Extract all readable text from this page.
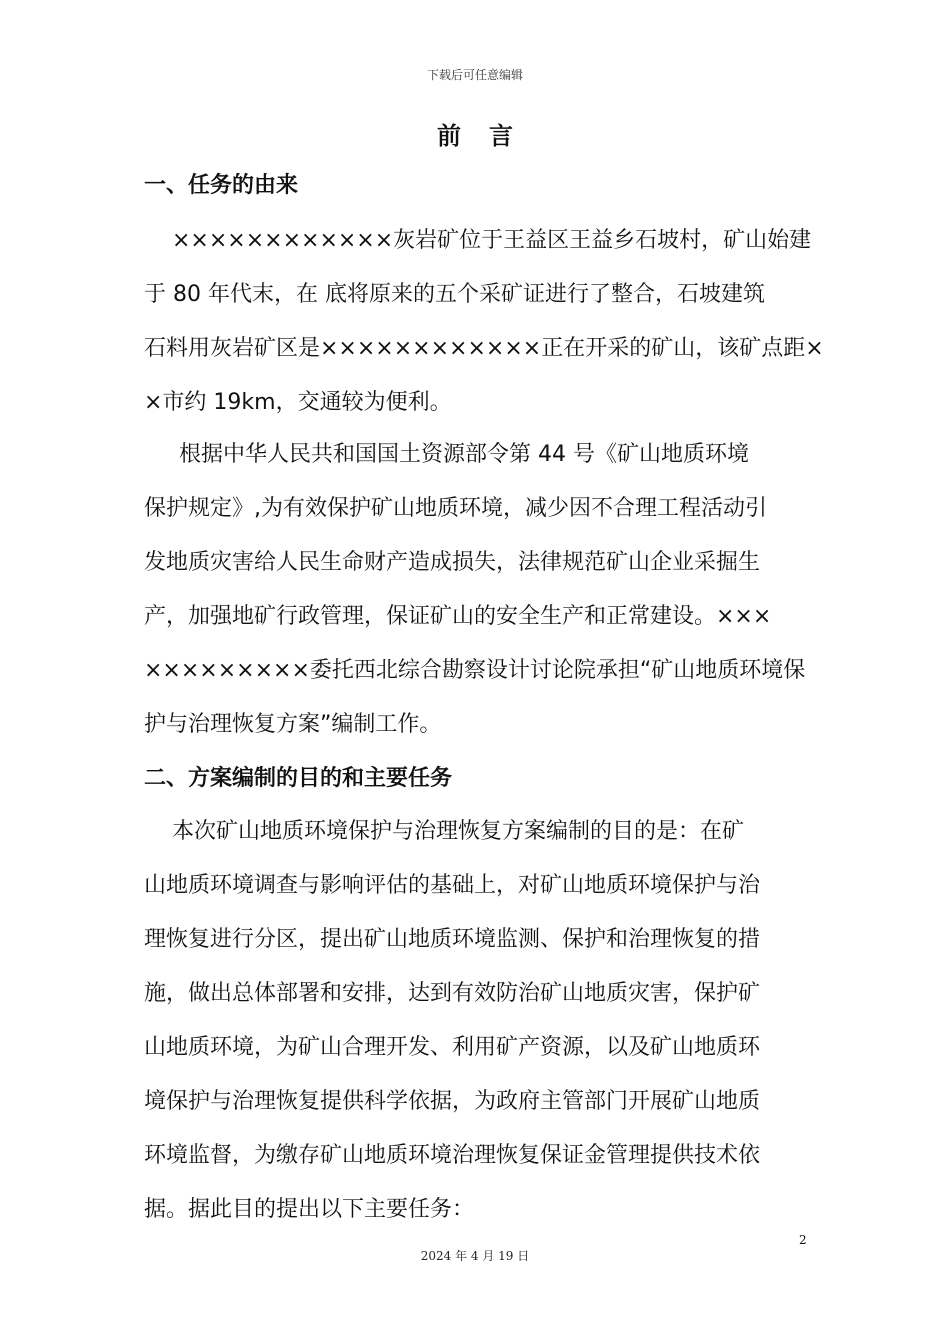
下载后可任意编辑
前言
一、任务的由来
××××××××××××灰岩矿位于王益区王益乡石坡村，矿山始建
于 80 年代末，在 底将原来的五个采矿证进行了整合，石坡建筑
石料用灰岩矿区是××××××××××××正在开采的矿山，该矿点距×
×市约 19km，交通较为便利。
根据中华人民共和国国土资源部令第 44 号《矿山地质环境
保护规定》,为有效保护矿山地质环境，减少因不合理工程活动引
发地质灾害给人民生命财产造成损失，法律规范矿山企业采掘生
产，加强地矿行政管理，保证矿山的安全生产和正常建设。×××
×××××××××委托西北综合勘察设计讨论院承担“矿山地质环境保
护与治理恢复方案”编制工作。
二、方案编制的目的和主要任务
本次矿山地质环境保护与治理恢复方案编制的目的是：在矿
山地质环境调查与影响评估的基础上，对矿山地质环境保护与治
理恢复进行分区，提出矿山地质环境监测、保护和治理恢复的措
施，做出总体部署和安排，达到有效防治矿山地质灾害，保护矿
山地质环境，为矿山合理开发、利用矿产资源，以及矿山地质环
境保护与治理恢复提供科学依据，为政府主管部门开展矿山地质
环境监督，为缴存矿山地质环境治理恢复保证金管理提供技术依
据。据此目的提出以下主要任务：
2
2024 年 4 月 19 日
